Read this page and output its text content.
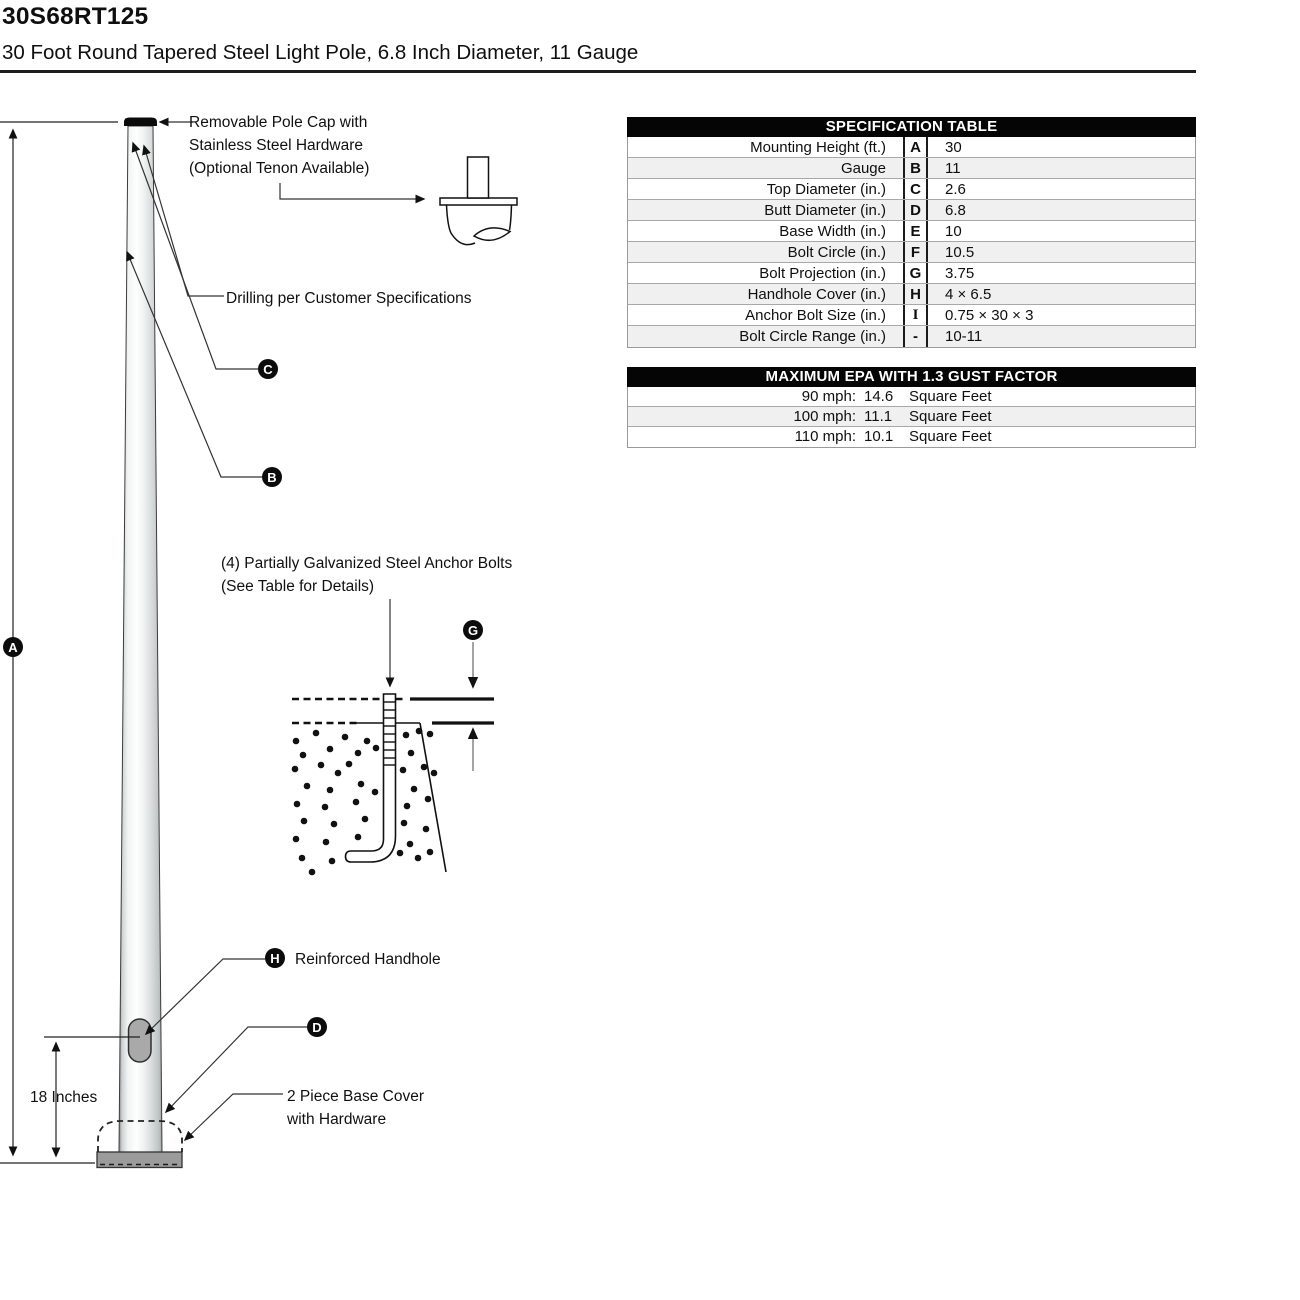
30S68RT125
30 Foot Round Tapered Steel Light Pole, 6.8 Inch Diameter, 11 Gauge
Removable Pole Cap with
Stainless Steel Hardware
(Optional Tenon Available)
Drilling per Customer Specifications
(4) Partially Galvanized Steel Anchor Bolts
(See Table for Details)
Reinforced Handhole
2 Piece Base Cover
with Hardware
18 Inches
A
B
C
D
G
H
SPECIFICATION TABLE
Mounting Height (ft.)	A	30
Gauge	B	11
Top Diameter (in.)	C	2.6
Butt Diameter (in.)	D	6.8
Base Width (in.)	E	10
Bolt Circle (in.)	F	10.5
Bolt Projection (in.)	G	3.75
Handhole Cover (in.)	H	4 × 6.5
Anchor Bolt Size (in.)	I	0.75 × 30 × 3
Bolt Circle Range (in.)	-	10-11
MAXIMUM EPA WITH 1.3 GUST FACTOR
90 mph: 14.6	Square Feet
100 mph: 11.1	Square Feet
110 mph: 10.1	Square Feet
